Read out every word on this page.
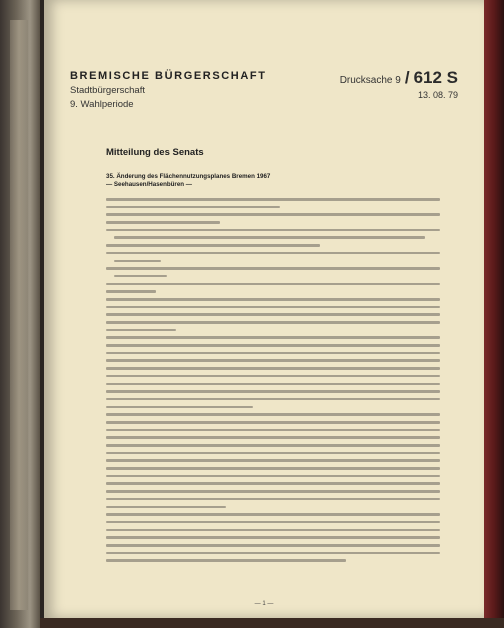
BREMISCHE BÜRGERSCHAFT
Stadtbürgerschaft
9. Wahlperiode
Drucksache 9 / 612 S
13. 08. 79
Mitteilung des Senats
35. Änderung des Flächennutzungsplanes Bremen 1967
— Seehausen/Hasenbüren —
— 1 —
